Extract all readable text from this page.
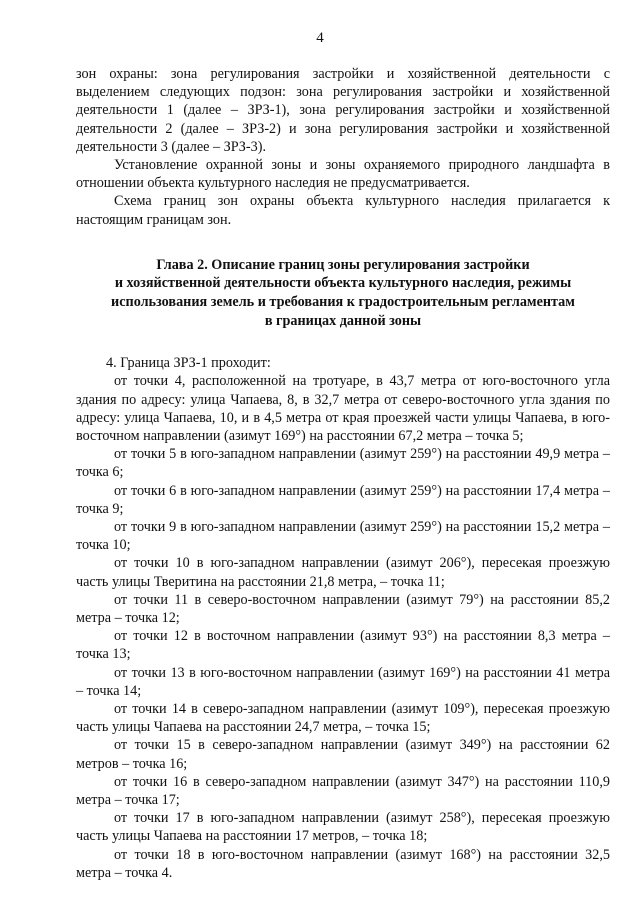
4

зон охраны: зона регулирования застройки и хозяйственной деятельности с выделением следующих подзон: зона регулирования застройки и хозяйственной деятельности 1 (далее – ЗРЗ-1), зона регулирования застройки и хозяйственной деятельности 2 (далее – ЗРЗ-2) и зона регулирования застройки и хозяйственной деятельности 3 (далее – ЗРЗ-3).

Установление охранной зоны и зоны охраняемого природного ландшафта в отношении объекта культурного наследия не предусматривается.

Схема границ зон охраны объекта культурного наследия прилагается к настоящим границам зон.

Глава 2. Описание границ зоны регулирования застройки
и хозяйственной деятельности объекта культурного наследия, режимы
использования земель и требования к градостроительным регламентам
в границах данной зоны

4. Граница ЗРЗ-1 проходит:

от точки 4, расположенной на тротуаре, в 43,7 метра от юго-восточного угла здания по адресу: улица Чапаева, 8, в 32,7 метра от северо-восточного угла здания по адресу: улица Чапаева, 10, и в 4,5 метра от края проезжей части улицы Чапаева, в юго-восточном направлении (азимут 169°) на расстоянии 67,2 метра – точка 5;

от точки 5 в юго-западном направлении (азимут 259°) на расстоянии 49,9 метра – точка 6;

от точки 6 в юго-западном направлении (азимут 259°) на расстоянии 17,4 метра – точка 9;

от точки 9 в юго-западном направлении (азимут 259°) на расстоянии 15,2 метра – точка 10;

от точки 10 в юго-западном направлении (азимут 206°), пересекая проезжую часть улицы Тверитина на расстоянии 21,8 метра, – точка 11;

от точки 11 в северо-восточном направлении (азимут 79°) на расстоянии 85,2 метра – точка 12;

от точки 12 в восточном направлении (азимут 93°) на расстоянии 8,3 метра – точка 13;

от точки 13 в юго-восточном направлении (азимут 169°) на расстоянии 41 метра – точка 14;

от точки 14 в северо-западном направлении (азимут 109°), пересекая проезжую часть улицы Чапаева на расстоянии 24,7 метра, – точка 15;

от точки 15 в северо-западном направлении (азимут 349°) на расстоянии 62 метров – точка 16;

от точки 16 в северо-западном направлении (азимут 347°) на расстоянии 110,9 метра – точка 17;

от точки 17 в юго-западном направлении (азимут 258°), пересекая проезжую часть улицы Чапаева на расстоянии 17 метров, – точка 18;

от точки 18 в юго-восточном направлении (азимут 168°) на расстоянии 32,5 метра – точка 4.
